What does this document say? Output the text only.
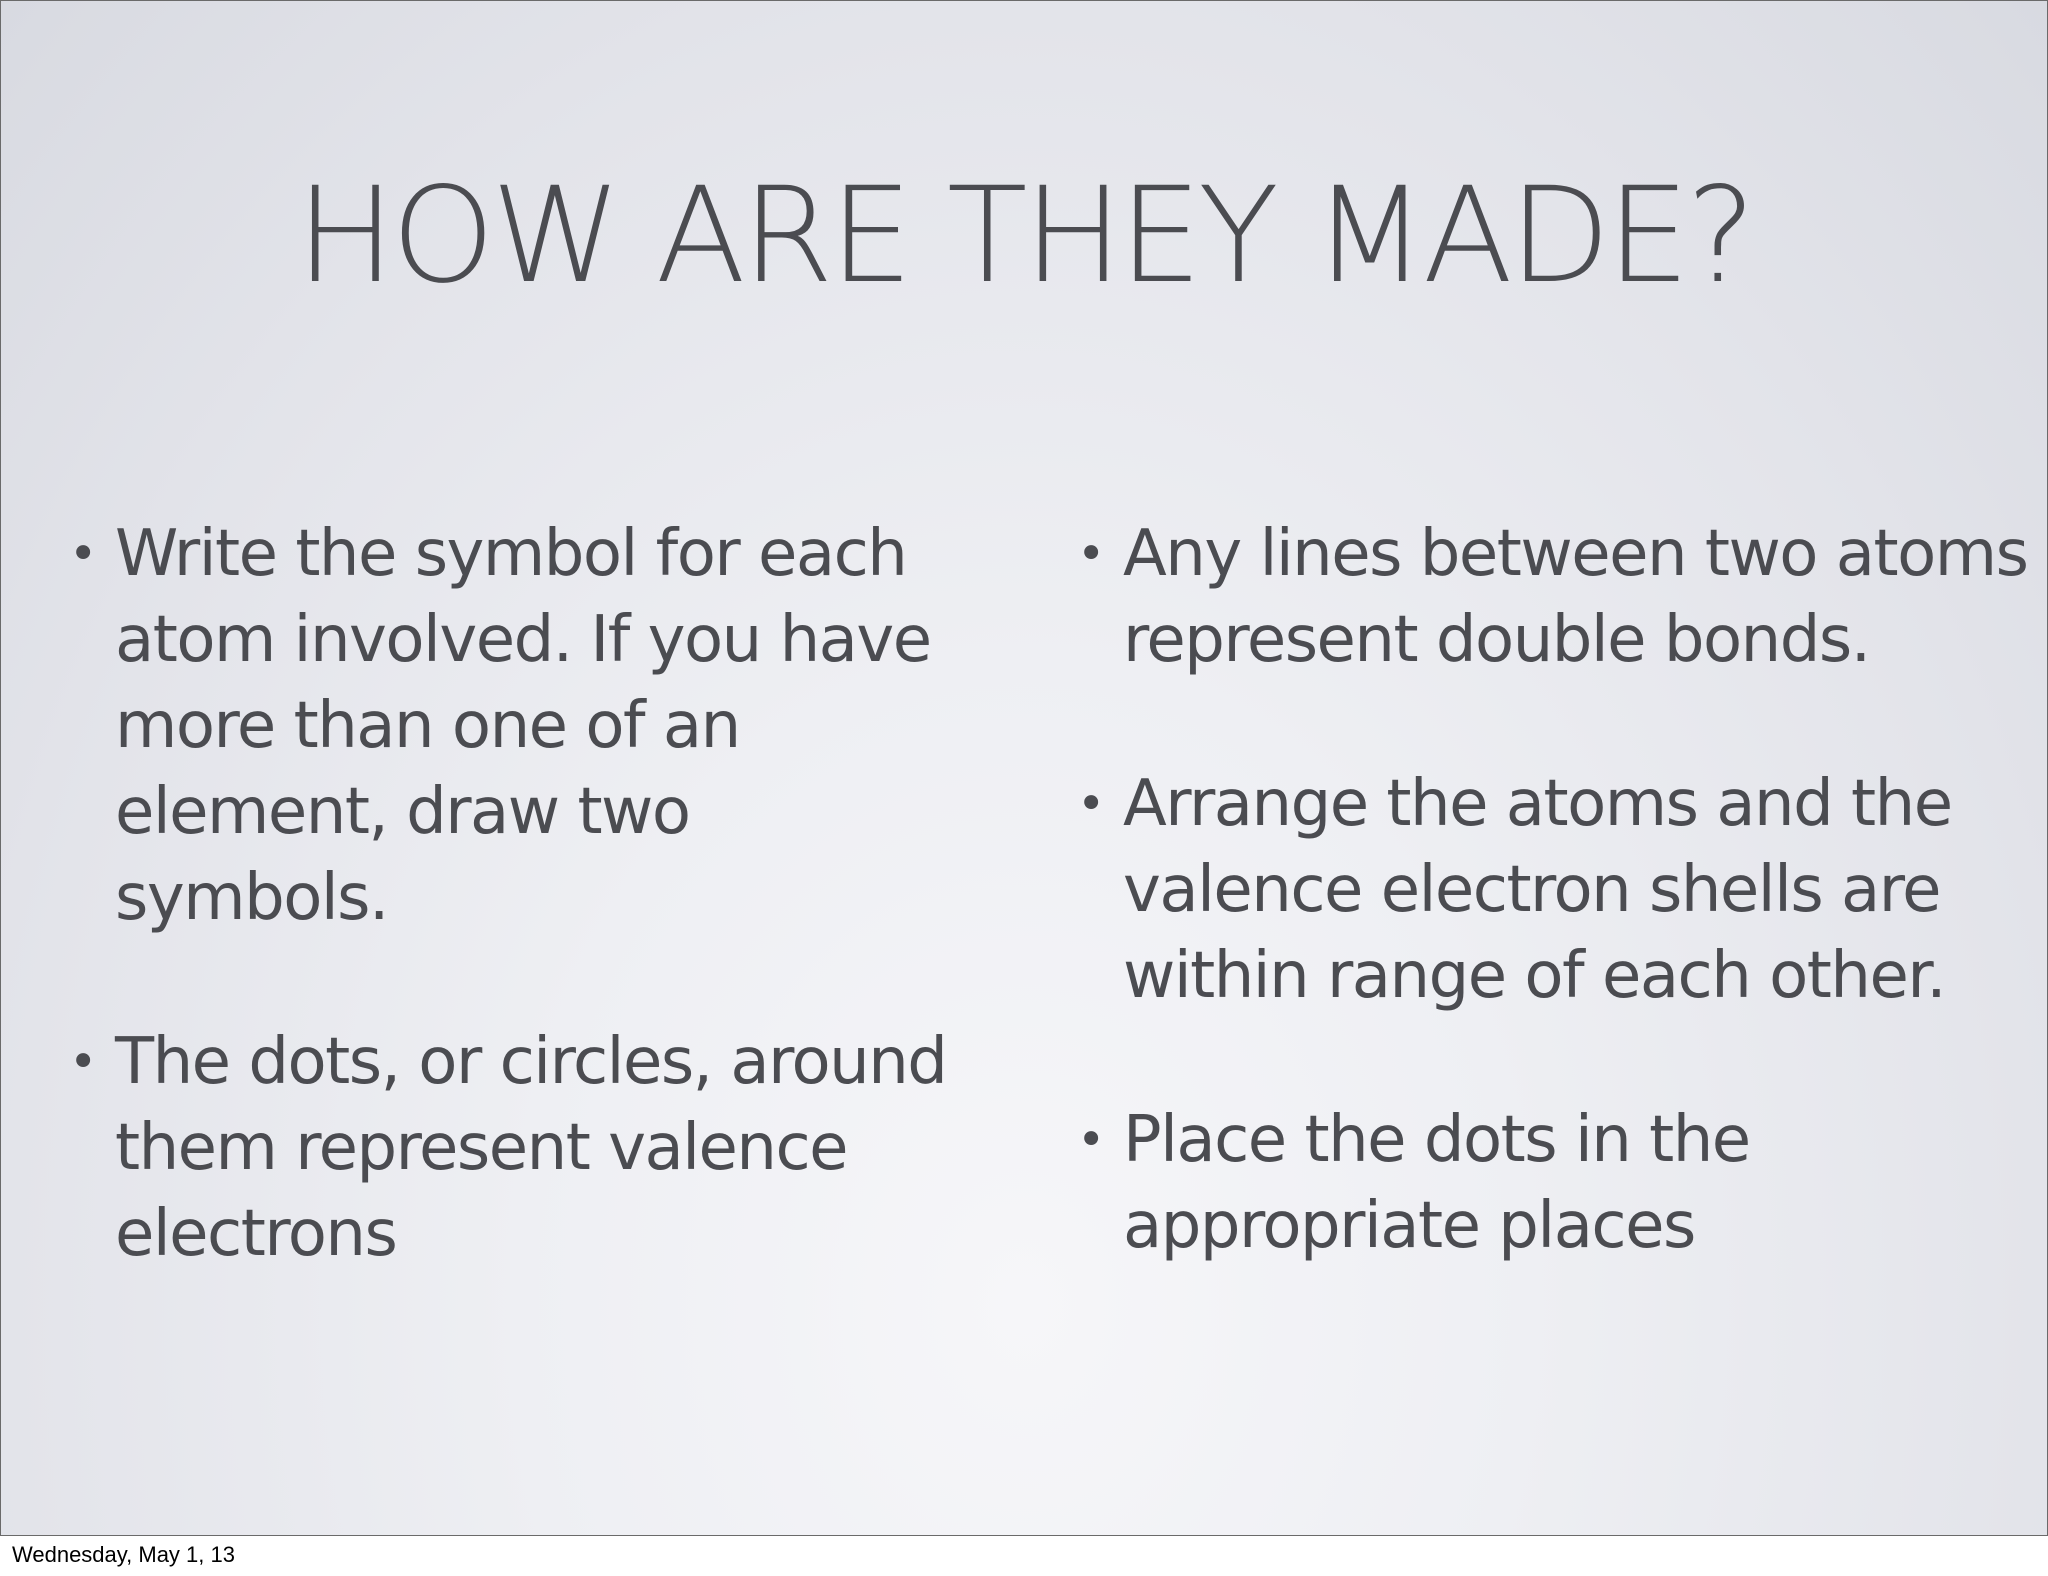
HOW ARE THEY MADE?
• Write the symbol for each atom involved. If you have more than one of an element, draw two symbols.
• The dots, or circles, around them represent valence electrons
• Any lines between two atoms represent double bonds.
• Arrange the atoms and the valence electron shells are within range of each other.
• Place the dots in the appropriate places
Wednesday, May 1, 13
